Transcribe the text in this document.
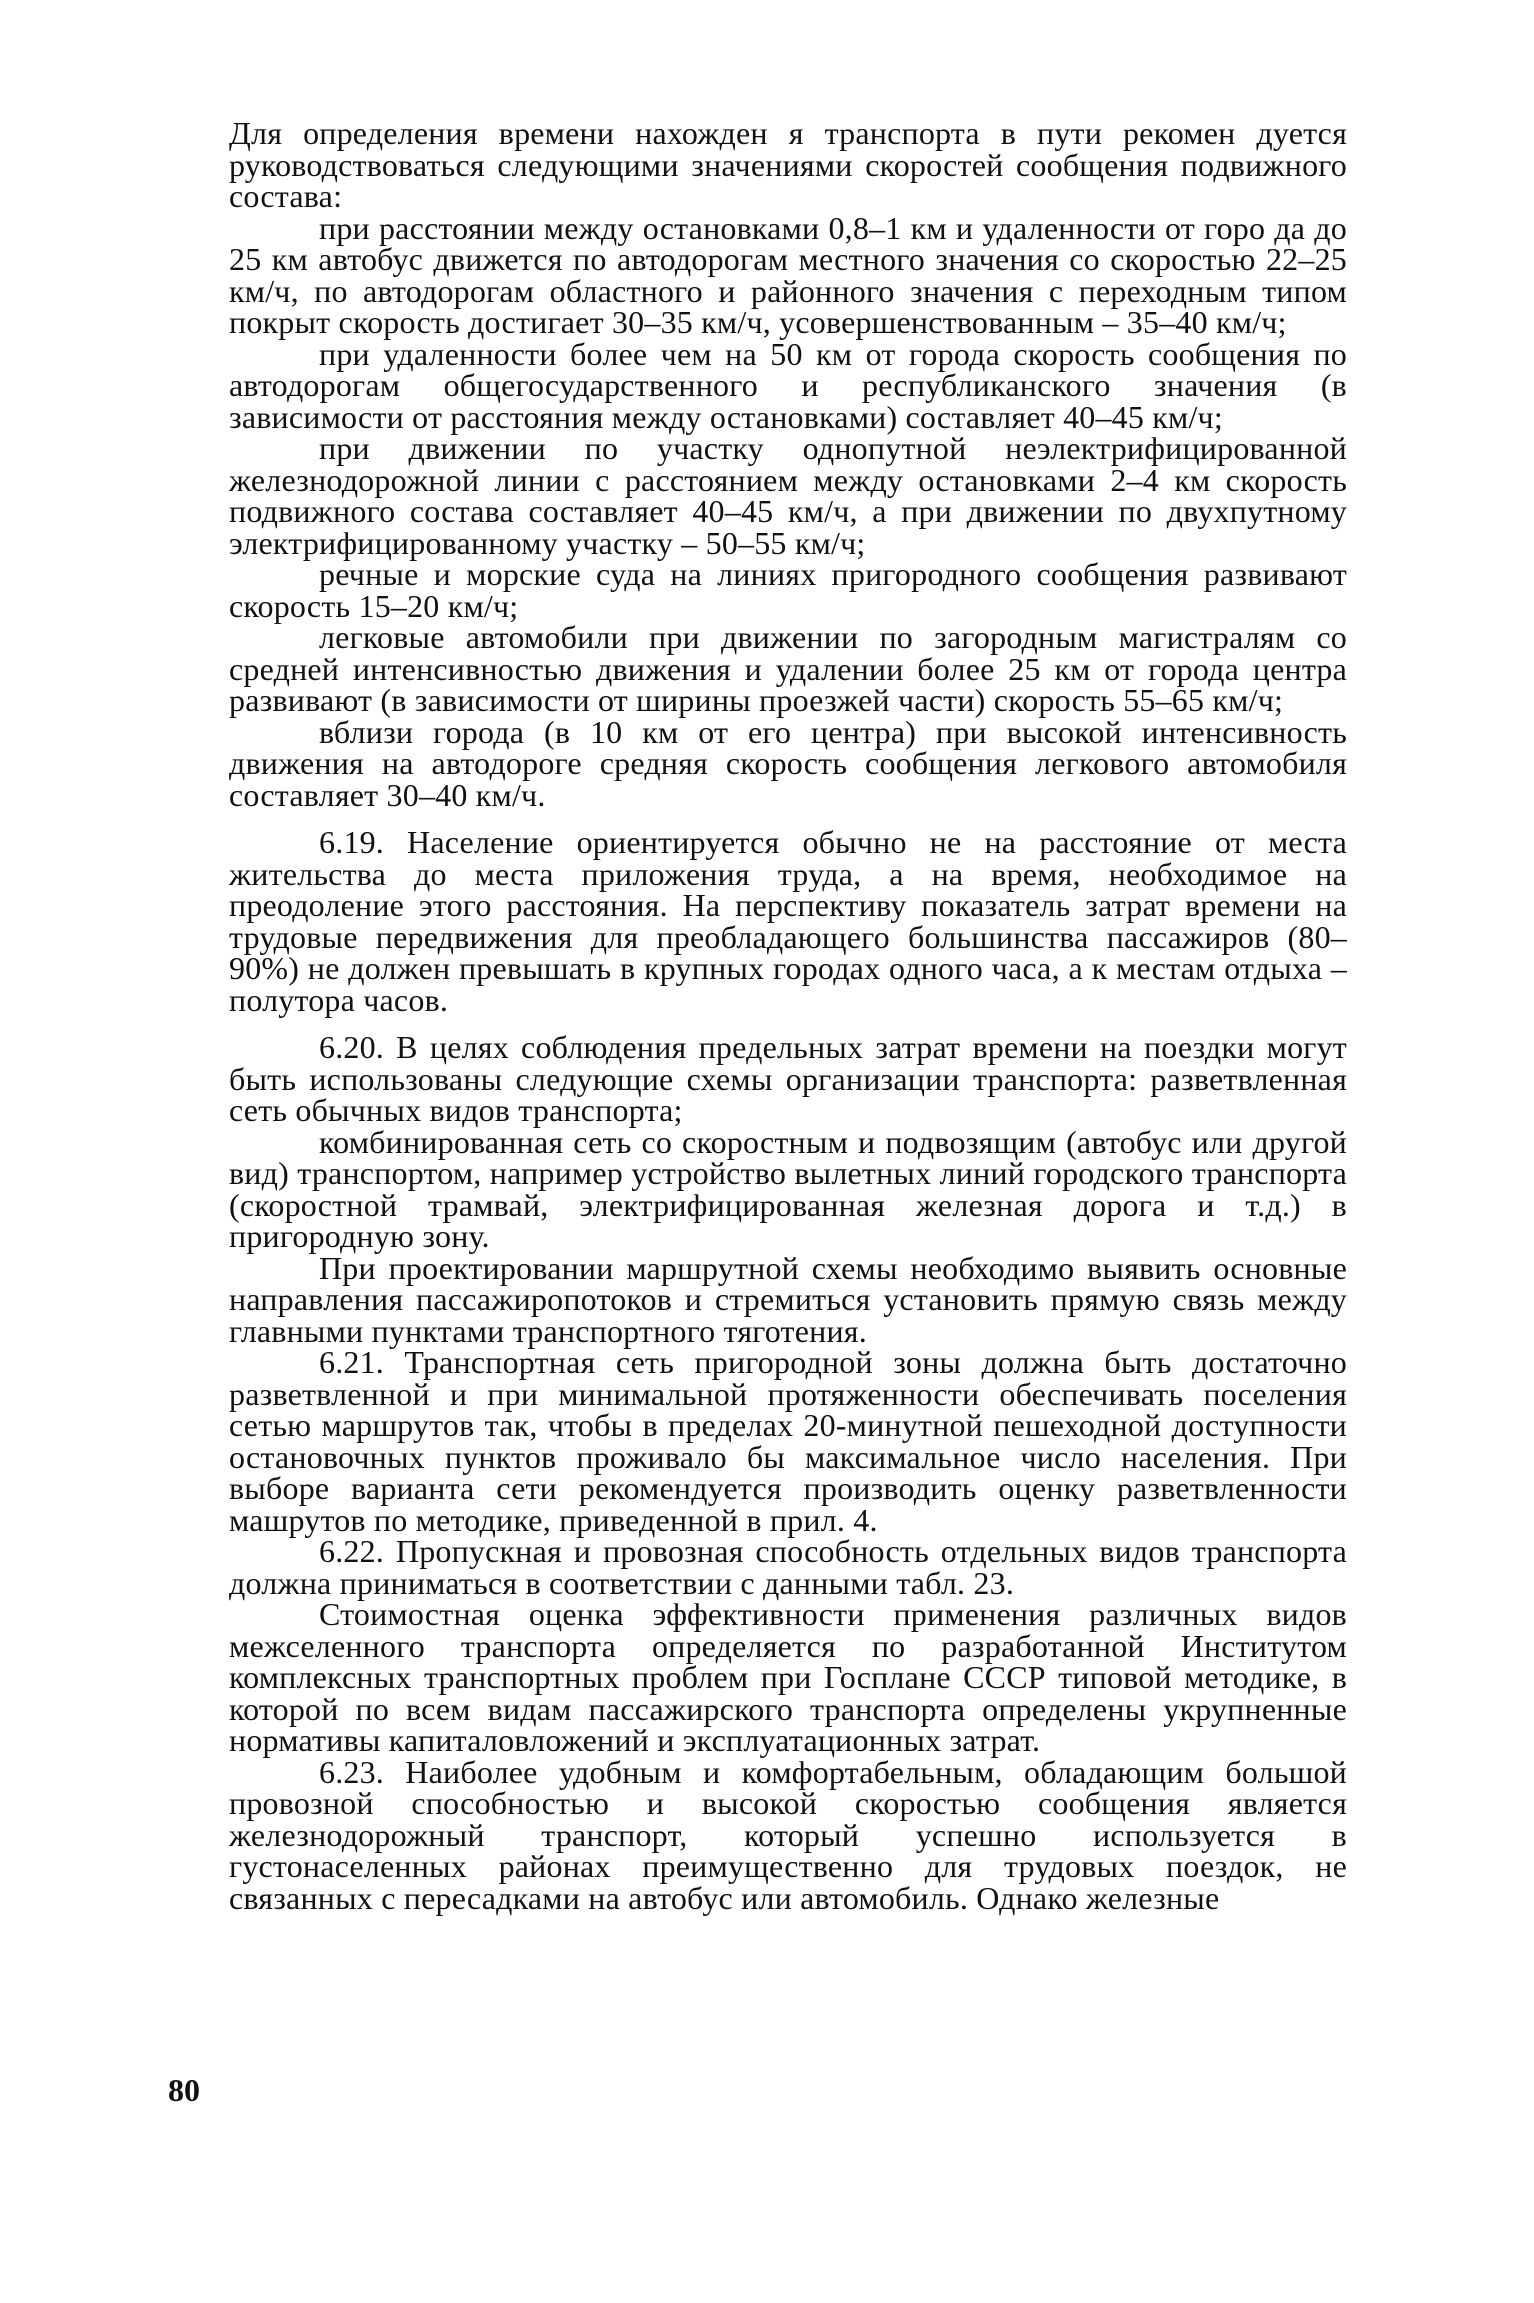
Для определения времени нахожден я транспорта в пути рекомен дуется руководствоваться следующими значениями скоростей сообщения подвижного состава:

при расстоянии между остановками 0,8–1 км и удаленности от горо да до 25 км автобус движется по автодорогам местного значения со скоростью 22–25 км/ч, по автодорогам областного и районного значения с переходным типом покрыт скорость достигает 30–35 км/ч, усовершенствованным – 35–40 км/ч;

при удаленности более чем на 50 км от города скорость сообщения по автодорогам общегосударственного и республиканского значения (в зависимости от расстояния между остановками) составляет 40–45 км/ч;

при движении по участку однопутной неэлектрифицированной железнодорожной линии с расстоянием между остановками 2–4 км скорость подвижного состава составляет 40–45 км/ч, а при движении по двухпутному электрифицированному участку – 50–55 км/ч;

речные и морские суда на линиях пригородного сообщения развивают скорость 15–20 км/ч;

легковые автомобили при движении по загородным магистралям со средней интенсивностью движения и удалении более 25 км от города центра развивают (в зависимости от ширины проезжей части) скорость 55–65 км/ч;

вблизи города (в 10 км от его центра) при высокой интенсивность движения на автодороге средняя скорость сообщения легкового автомобиля составляет 30–40 км/ч.

6.19. Население ориентируется обычно не на расстояние от места жительства до места приложения труда, а на время, необходимое на преодоление этого расстояния. На перспективу показатель затрат времени на трудовые передвижения для преобладающего большинства пассажиров (80–90%) не должен превышать в крупных городах одного часа, а к местам отдыха – полутора часов.

6.20. В целях соблюдения предельных затрат времени на поездки могут быть использованы следующие схемы организации транспорта: разветвленная сеть обычных видов транспорта;

комбинированная сеть со скоростным и подвозящим (автобус или другой вид) транспортом, например устройство вылетных линий городского транспорта (скоростной трамвай, электрифицированная железная дорога и т.д.) в пригородную зону.

При проектировании маршрутной схемы необходимо выявить основные направления пассажиропотоков и стремиться установить прямую связь между главными пунктами транспортного тяготения.

6.21. Транспортная сеть пригородной зоны должна быть достаточно разветвленной и при минимальной протяженности обеспечивать поселения сетью маршрутов так, чтобы в пределах 20-минутной пешеходной доступности остановочных пунктов проживало бы максимальное число населения. При выборе варианта сети рекомендуется производить оценку разветвленности машрутов по методике, приведенной в прил. 4.

6.22. Пропускная и провозная способность отдельных видов транспорта должна приниматься в соответствии с данными табл. 23.

Стоимостная оценка эффективности применения различных видов межселенного транспорта определяется по разработанной Институтом комплексных транспортных проблем при Госплане СССР типовой методике, в которой по всем видам пассажирского транспорта определены укрупненные нормативы капиталовложений и эксплуатационных затрат.

6.23. Наиболее удобным и комфортабельным, обладающим большой провозной способностью и высокой скоростью сообщения является железнодорожный транспорт, который успешно используется в густонаселенных районах преимущественно для трудовых поездок, не связанных с пересадками на автобус или автомобиль. Однако железные

80
